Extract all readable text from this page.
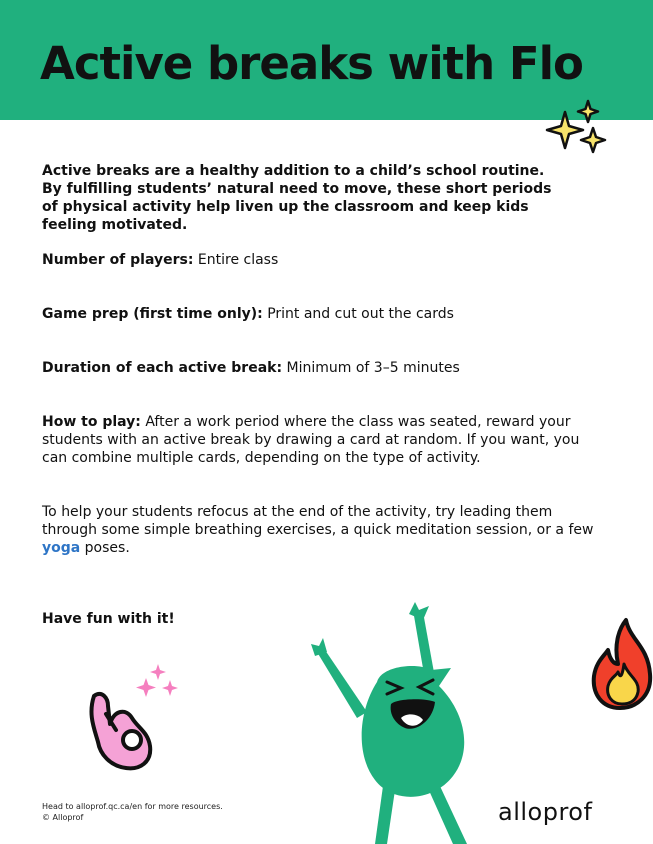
Active breaks with Flo

Active breaks are a healthy addition to a child’s school routine. By fulfilling students’ natural need to move, these short periods of physical activity help liven up the classroom and keep kids feeling motivated.

Number of players: Entire class

Game prep (first time only): Print and cut out the cards

Duration of each active break: Minimum of 3–5 minutes

How to play: After a work period where the class was seated, reward your students with an active break by drawing a card at random. If you want, you can combine multiple cards, depending on the type of activity.

To help your students refocus at the end of the activity, try leading them through some simple breathing exercises, a quick meditation session, or a few yoga poses.

Have fun with it!

Head to alloprof.qc.ca/en for more resources.
© Alloprof	alloprof
